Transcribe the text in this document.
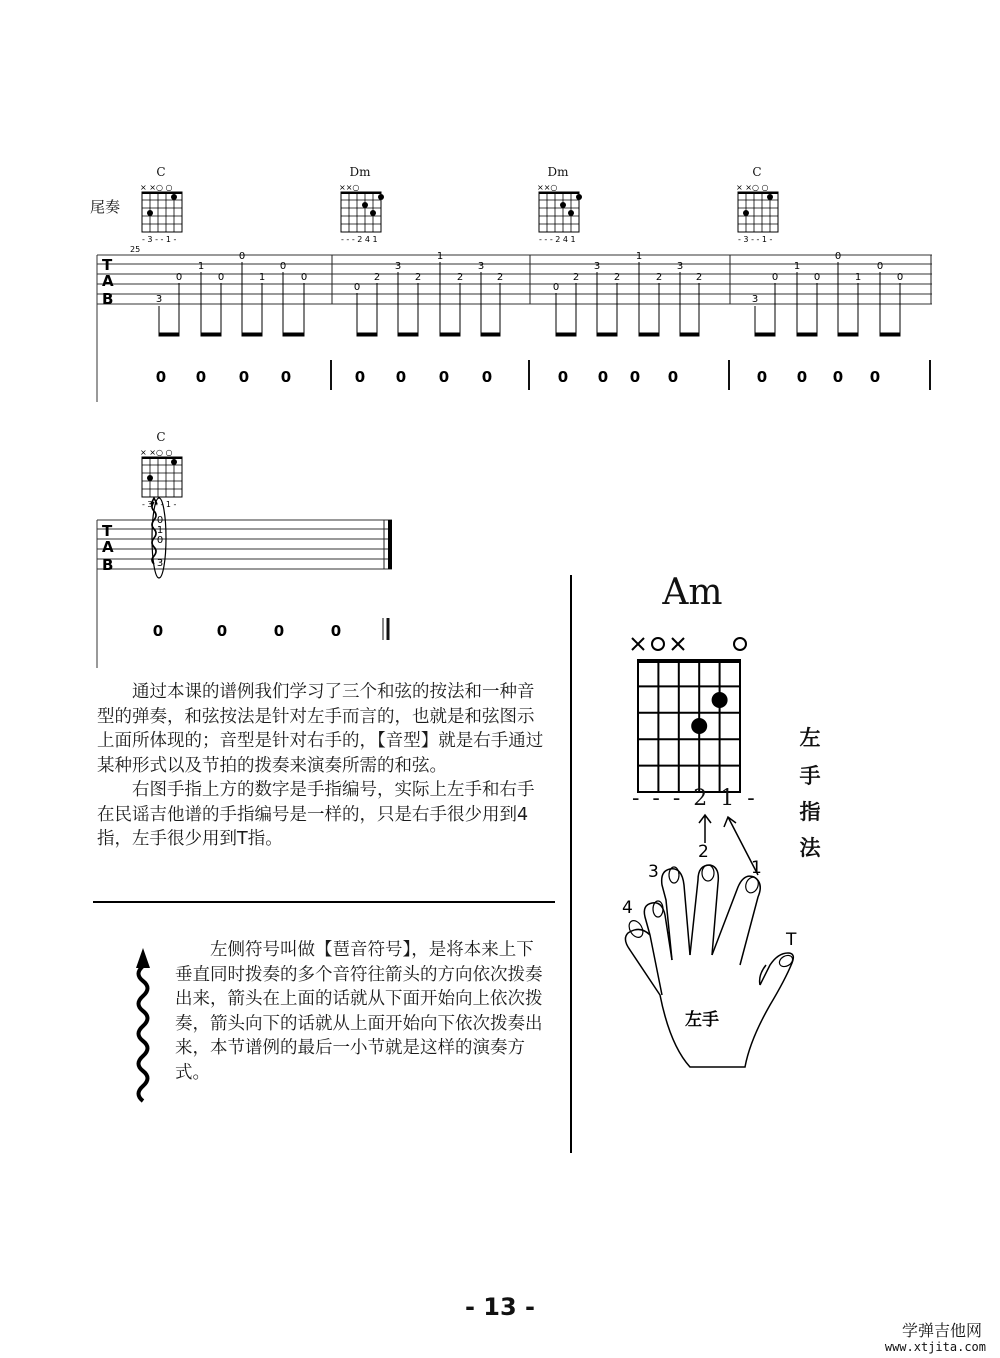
尾奏
C	Dm	Dm	C
× ×○ ○
- 3 - - 1 -
××○
- - - 2 4 1
××○
- - - 2 4 1
× ×○ ○
- 3 - - 1 -
25
T
A
B	3
0
1
0
0
1
0
0
0
2
3
2
1
2
3
2
0
2
3
2
1
2
3
2
3
0
1
0
0
1
0
0
0 0 0 0	0 0 0 0	0 0 0 0	0 0 0 0
C
× ×○ ○
- 3 - - 1 -
T
A
B
0
1
0
3
0	0	0	0

通过本课的谱例我们学习了三个和弦的按法和一种音型的弹奏，和弦按法是针对左手而言的，也就是和弦图示上面所体现的；音型是针对右手的，【音型】就是右手通过某种形式以及节拍的拨奏来演奏所需的和弦。

右图手指上方的数字是手指编号，实际上左手和右手在民谣吉他谱的手指编号是一样的，只是右手很少用到4指，左手很少用到T指。

左侧符号叫做【琶音符号】，是将本来上下垂直同时拨奏的多个音符往箭头的方向依次拨奏出来，箭头在上面的话就从下面开始向上依次拨奏，箭头向下的话就从上面开始向下依次拨奏出来，本节谱例的最后一小节就是这样的演奏方式。

Am
- - - 2 1 -
左
手
指
法
4
3
2
1
T
左手
- 13 -
学弹吉他网
www.xtjita.com
